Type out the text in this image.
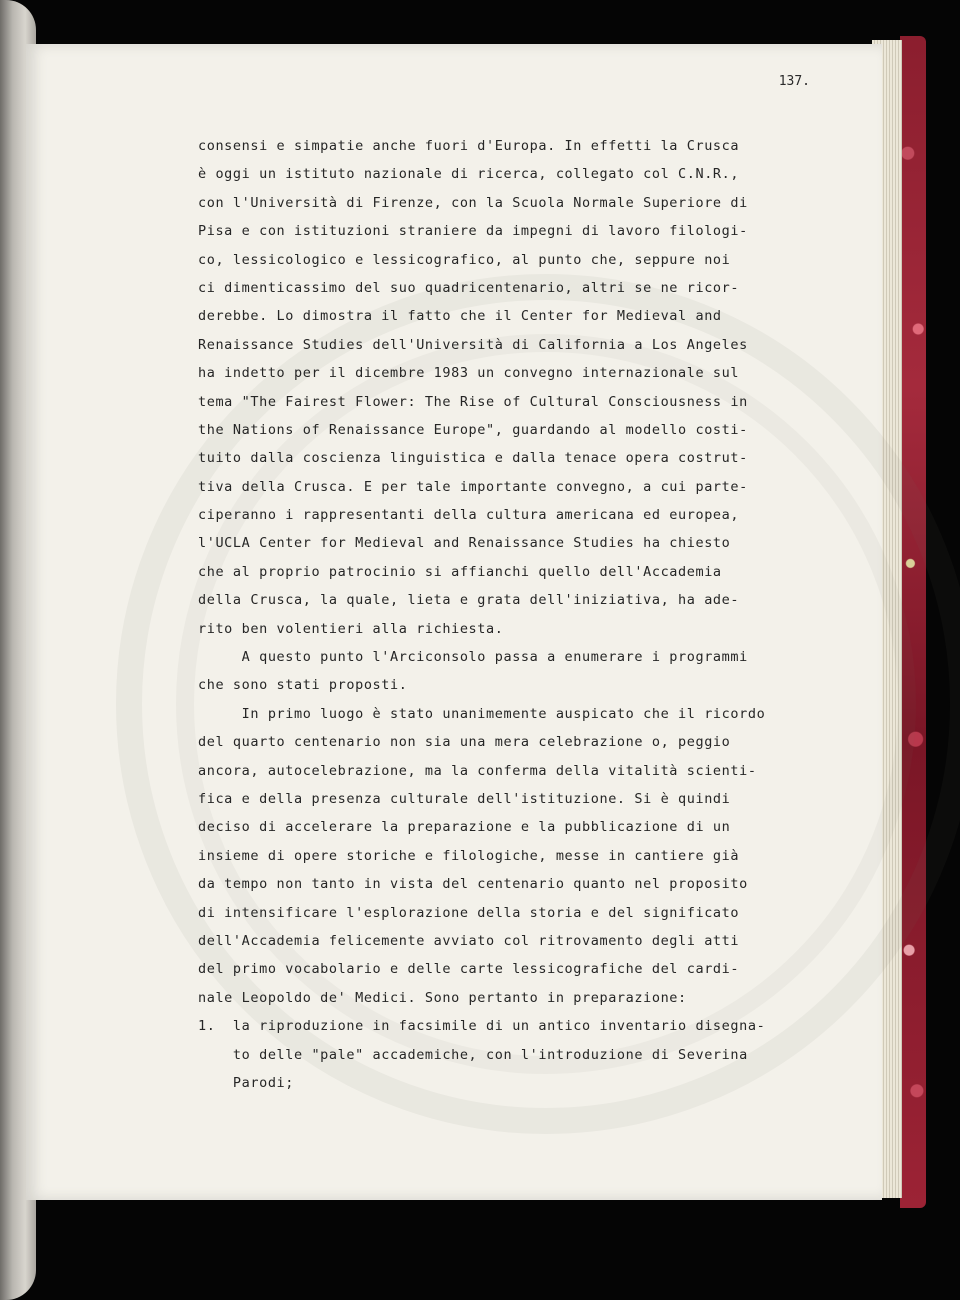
137.
consensi e simpatie anche fuori d'Europa. In effetti la Crusca
è oggi un istituto nazionale di ricerca, collegato col C.N.R.,
con l'Università di Firenze, con la Scuola Normale Superiore di
Pisa e con istituzioni straniere da impegni di lavoro filologi-
co, lessicologico e lessicografico, al punto che, seppure noi
ci dimenticassimo del suo quadricentenario, altri se ne ricor-
derebbe. Lo dimostra il fatto che il Center for Medieval and
Renaissance Studies dell'Università di California a Los Angeles
ha indetto per il dicembre 1983 un convegno internazionale sul
tema "The Fairest Flower: The Rise of Cultural Consciousness in
the Nations of Renaissance Europe", guardando al modello costi-
tuito dalla coscienza linguistica e dalla tenace opera costrut-
tiva della Crusca. E per tale importante convegno, a cui parte-
ciperanno i rappresentanti della cultura americana ed europea,
l'UCLA Center for Medieval and Renaissance Studies ha chiesto
che al proprio patrocinio si affianchi quello dell'Accademia
della Crusca, la quale, lieta e grata dell'iniziativa, ha ade-
rito ben volentieri alla richiesta.
A questo punto l'Arciconsolo passa a enumerare i programmi
che sono stati proposti.
In primo luogo è stato unanimemente auspicato che il ricordo
del quarto centenario non sia una mera celebrazione o, peggio
ancora, autocelebrazione, ma la conferma della vitalità scienti-
fica e della presenza culturale dell'istituzione. Si è quindi
deciso di accelerare la preparazione e la pubblicazione di un
insieme di opere storiche e filologiche, messe in cantiere già
da tempo non tanto in vista del centenario quanto nel proposito
di intensificare l'esplorazione della storia e del significato
dell'Accademia felicemente avviato col ritrovamento degli atti
del primo vocabolario e delle carte lessicografiche del cardi-
nale Leopoldo de' Medici. Sono pertanto in preparazione:
1.  la riproduzione in facsimile di un antico inventario disegna-
to delle "pale" accademiche, con l'introduzione di Severina
Parodi;
